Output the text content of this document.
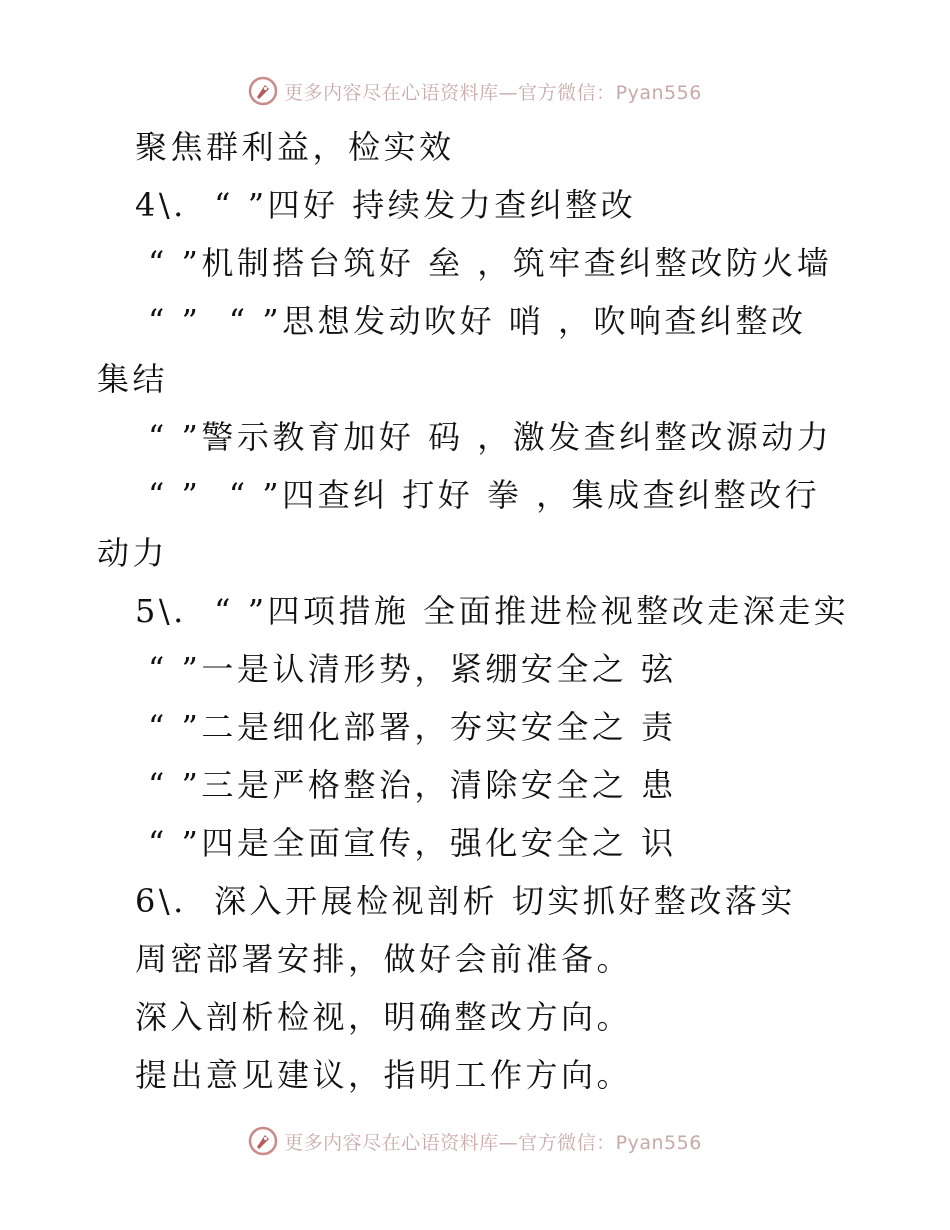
更多内容尽在心语资料库—官方微信：Pyan556
聚焦群利益，检实效
4\.  “ ”四好 持续发力查纠整改
“ ”机制搭台筑好 垒 ，筑牢查纠整改防火墙
“ ”  “ ”思想发动吹好 哨 ，吹响查纠整改
集结
“ ”警示教育加好 码 ，激发查纠整改源动力
“ ”  “ ”四查纠 打好 拳 ，集成查纠整改行
动力
5\.  “ ”四项措施 全面推进检视整改走深走实
“ ”一是认清形势，紧绷安全之 弦
“ ”二是细化部署，夯实安全之 责
“ ”三是严格整治，清除安全之 患
“ ”四是全面宣传，强化安全之 识
6\.  深入开展检视剖析 切实抓好整改落实
周密部署安排，做好会前准备。
深入剖析检视，明确整改方向。
提出意见建议，指明工作方向。
更多内容尽在心语资料库—官方微信：Pyan556
